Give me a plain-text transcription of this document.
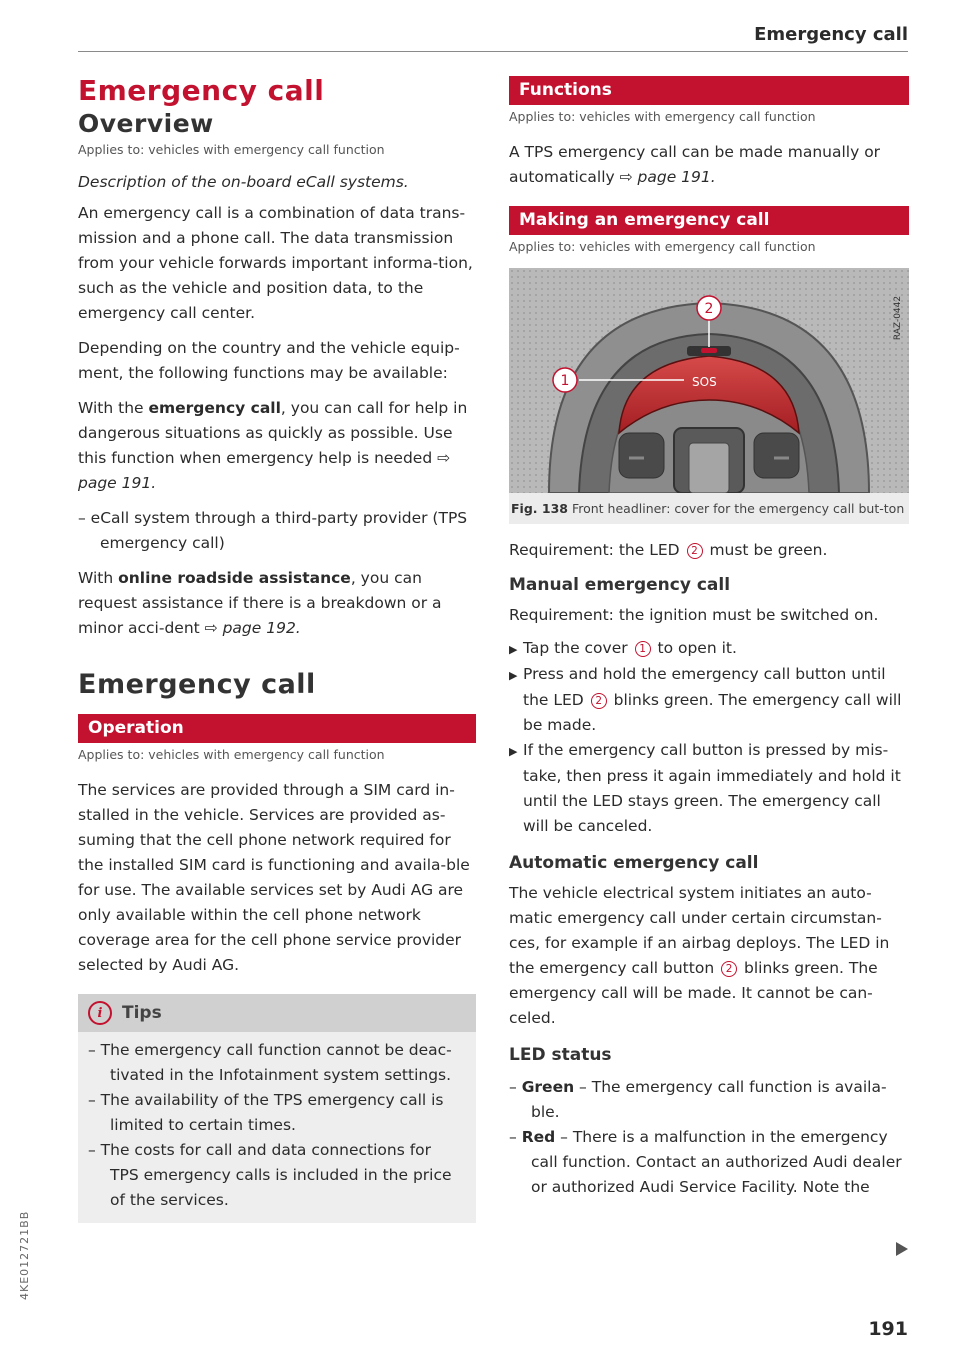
Emergency call
Emergency call
Overview
Applies to: vehicles with emergency call function
Description of the on-board eCall systems.

An emergency call is a combination of data trans-mission and a phone call. The data transmission from your vehicle forwards important informa-tion, such as the vehicle and position data, to the emergency call center.

Depending on the country and the vehicle equip-ment, the following functions may be available:

With the emergency call, you can call for help in dangerous situations as quickly as possible. Use this function when emergency help is needed ⇨ page 191.

– eCall system through a third-party provider (TPS emergency call)

With online roadside assistance, you can request assistance if there is a breakdown or a minor acci-dent ⇨ page 192.

Emergency call
Operation
Applies to: vehicles with emergency call function

The services are provided through a SIM card in-stalled in the vehicle. Services are provided as-suming that the cell phone network required for the installed SIM card is functioning and availa-ble for use. The available services set by Audi AG are only available within the cell phone network coverage area for the cell phone service provider selected by Audi AG.

i	Tips
– The emergency call function cannot be deac-tivated in the Infotainment system settings.
– The availability of the TPS emergency call is limited to certain times.
– The costs for call and data connections for TPS emergency calls is included in the price of the services.
Functions
Applies to: vehicles with emergency call function

A TPS emergency call can be made manually or automatically ⇨ page 191.

Making an emergency call
Applies to: vehicles with emergency call function
SOS
1
2	RAZ-0442
Fig. 138 Front headliner: cover for the emergency call but-ton

Requirement: the LED 2 must be green.

Manual emergency call

Requirement: the ignition must be switched on.

▶ Tap the cover 1 to open it.
▶ Press and hold the emergency call button until the LED 2 blinks green. The emergency call will be made.
▶ If the emergency call button is pressed by mis-take, then press it again immediately and hold it until the LED stays green. The emergency call will be canceled.
Automatic emergency call

The vehicle electrical system initiates an auto-matic emergency call under certain circumstan-ces, for example if an airbag deploys. The LED in the emergency call button 2 blinks green. The emergency call will be made. It cannot be can-celed.

LED status
– Green – The emergency call function is availa-ble.
– Red – There is a malfunction in the emergency call function. Contact an authorized Audi dealer or authorized Audi Service Facility. Note the
191
4KE012721BB
